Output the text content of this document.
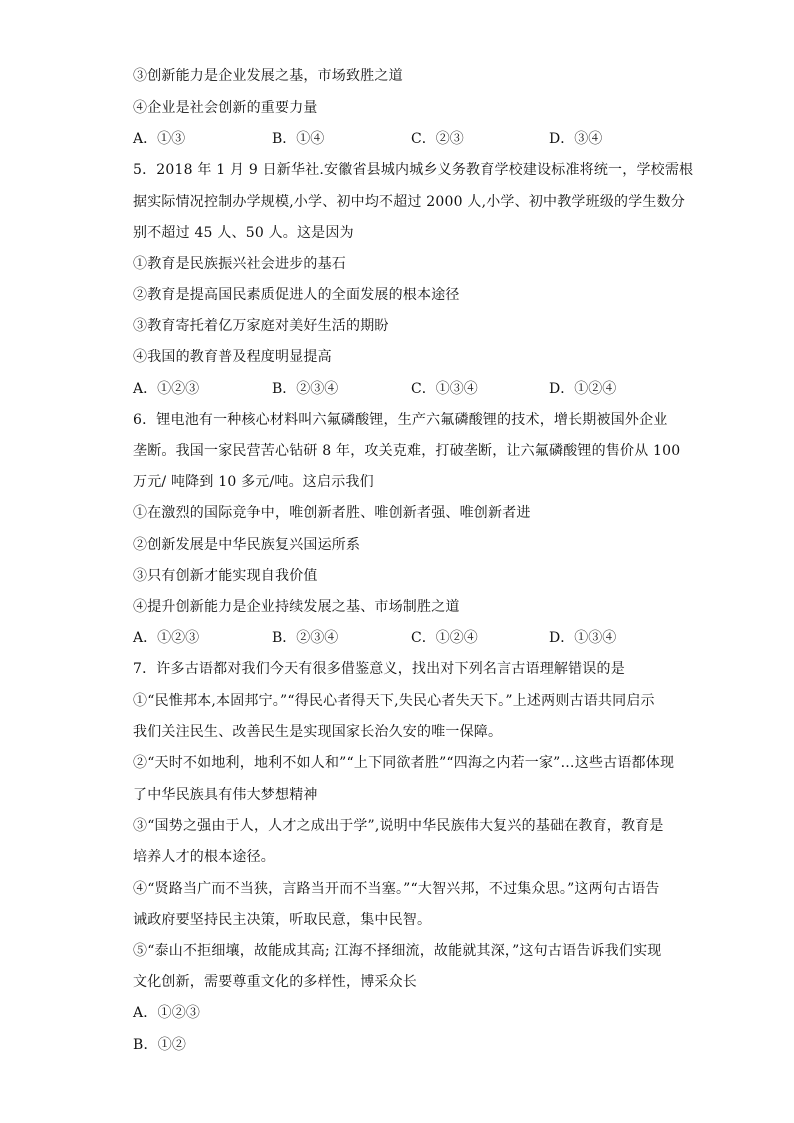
③创新能力是企业发展之基，市场致胜之道
④企业是社会创新的重要力量
A．①③	B．①④	C．②③	D．③④
5．2018 年 1 月 9 日新华社.安徽省县城内城乡义务教育学校建设标准将统一，学校需根
据实际情况控制办学规模,小学、初中均不超过 2000 人,小学、初中教学班级的学生数分
别不超过 45 人、50 人。这是因为
①教育是民族振兴社会进步的基石
②教育是提高国民素质促进人的全面发展的根本途径
③教育寄托着亿万家庭对美好生活的期盼
④我国的教育普及程度明显提高
A．①②③	B．②③④	C．①③④	D．①②④
6．锂电池有一种核心材料叫六氟磷酸锂，生产六氟磷酸锂的技术，增长期被国外企业
垄断。我国一家民营苦心钻研 8 年，攻关克难，打破垄断，让六氟磷酸锂的售价从 100
万元/ 吨降到 10 多元/吨。这启示我们
①在激烈的国际竞争中，唯创新者胜、唯创新者强、唯创新者进
②创新发展是中华民族复兴国运所系
③只有创新才能实现自我价值
④提升创新能力是企业持续发展之基、市场制胜之道
A．①②③	B．②③④	C．①②④	D．①③④
7．许多古语都对我们今天有很多借鉴意义，找出对下列名言古语理解错误的是
①“民惟邦本,本固邦宁。”“得民心者得天下,失民心者失天下。”上述两则古语共同启示
我们关注民生、改善民生是实现国家长治久安的唯一保障。
②“天时不如地利，地利不如人和”“上下同欲者胜”“四海之内若一家”…这些古语都体现
了中华民族具有伟大梦想精神
③“国势之强由于人，人才之成出于学”,说明中华民族伟大复兴的基础在教育，教育是
培养人才的根本途径。
④“贤路当广而不当狭，言路当开而不当塞。”“大智兴邦，不过集众思。”这两句古语告
诫政府要坚持民主决策，听取民意，集中民智。
⑤“泰山不拒细壤，故能成其高; 江海不择细流，故能就其深，”这句古语告诉我们实现
文化创新，需要尊重文化的多样性，博采众长
A．①②③
B．①②
